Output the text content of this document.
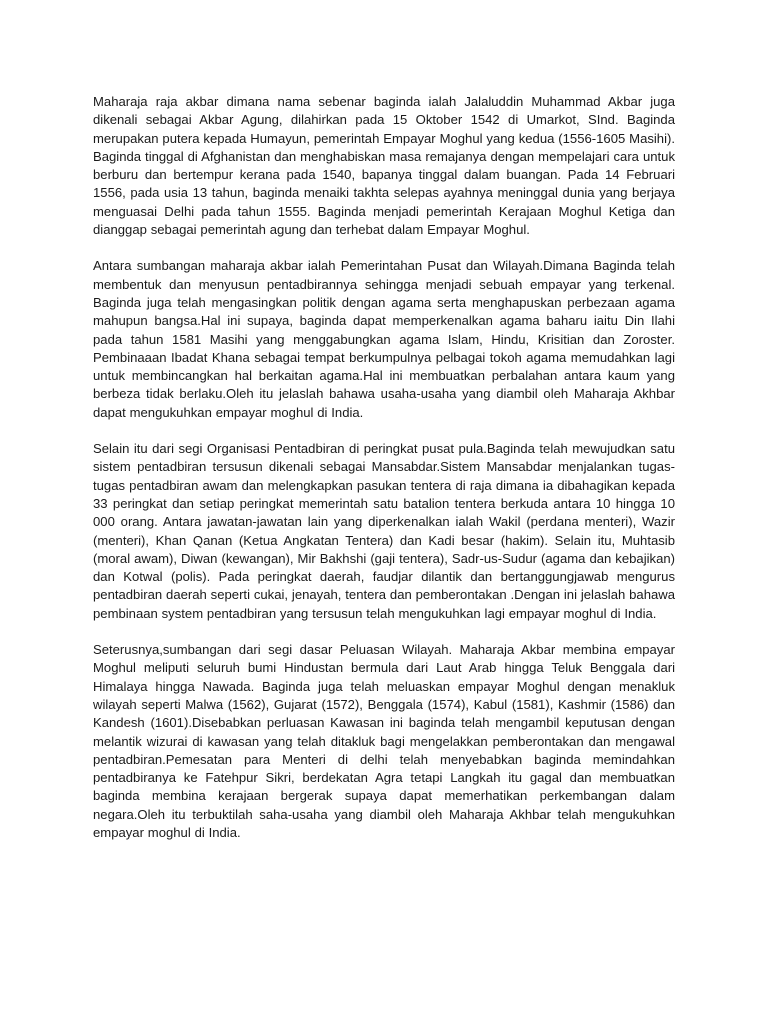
Maharaja raja akbar dimana nama sebenar baginda ialah Jalaluddin Muhammad Akbar juga dikenali sebagai Akbar Agung, dilahirkan pada 15 Oktober 1542 di Umarkot, SInd. Baginda merupakan putera kepada Humayun, pemerintah Empayar Moghul yang kedua (1556-1605 Masihi). Baginda tinggal di Afghanistan dan menghabiskan masa remajanya dengan mempelajari cara untuk berburu dan bertempur kerana pada 1540, bapanya tinggal dalam buangan. Pada 14 Februari 1556, pada usia 13 tahun, baginda menaiki takhta selepas ayahnya meninggal dunia yang berjaya menguasai Delhi pada tahun 1555. Baginda menjadi pemerintah Kerajaan Moghul Ketiga dan dianggap sebagai pemerintah agung dan terhebat dalam Empayar Moghul.

Antara sumbangan maharaja akbar ialah Pemerintahan Pusat dan Wilayah.Dimana Baginda telah membentuk dan menyusun pentadbirannya sehingga menjadi sebuah empayar yang terkenal. Baginda juga telah mengasingkan politik dengan agama serta menghapuskan perbezaan agama mahupun bangsa.Hal ini supaya, baginda dapat memperkenalkan agama baharu iaitu Din Ilahi pada tahun 1581 Masihi yang menggabungkan agama Islam, Hindu, Krisitian dan Zoroster. Pembinaaan Ibadat Khana sebagai tempat berkumpulnya pelbagai tokoh agama memudahkan lagi untuk membincangkan hal berkaitan agama.Hal ini membuatkan perbalahan antara kaum yang berbeza tidak berlaku.Oleh itu jelaslah bahawa usaha-usaha yang diambil oleh Maharaja Akhbar dapat mengukuhkan empayar moghul di India.

Selain itu dari segi Organisasi Pentadbiran di peringkat pusat pula.Baginda telah mewujudkan satu sistem pentadbiran tersusun dikenali sebagai Mansabdar.Sistem Mansabdar menjalankan tugas-tugas pentadbiran awam dan melengkapkan pasukan tentera di raja dimana ia dibahagikan kepada 33 peringkat dan setiap peringkat memerintah satu batalion tentera berkuda antara 10 hingga 10 000 orang. Antara jawatan-jawatan lain yang diperkenalkan ialah Wakil (perdana menteri), Wazir (menteri), Khan Qanan (Ketua Angkatan Tentera) dan Kadi besar (hakim). Selain itu, Muhtasib (moral awam), Diwan (kewangan), Mir Bakhshi (gaji tentera), Sadr-us-Sudur (agama dan kebajikan) dan Kotwal (polis). Pada peringkat daerah, faudjar dilantik dan bertanggungjawab mengurus pentadbiran daerah seperti cukai, jenayah, tentera dan pemberontakan .Dengan ini jelaslah bahawa pembinaan system pentadbiran yang tersusun telah mengukuhkan lagi empayar moghul di India.

Seterusnya,sumbangan dari segi dasar Peluasan Wilayah. Maharaja Akbar membina empayar Moghul meliputi seluruh bumi Hindustan bermula dari Laut Arab hingga Teluk Benggala dari Himalaya hingga Nawada. Baginda juga telah meluaskan empayar Moghul dengan menakluk wilayah seperti Malwa (1562), Gujarat (1572), Benggala (1574), Kabul (1581), Kashmir (1586) dan Kandesh (1601).Disebabkan perluasan Kawasan ini baginda telah mengambil keputusan dengan melantik wizurai di kawasan yang telah ditakluk bagi mengelakkan pemberontakan dan mengawal pentadbiran.Pemesatan para Menteri di delhi telah menyebabkan baginda memindahkan pentadbiranya ke Fatehpur Sikri, berdekatan Agra tetapi Langkah itu gagal dan membuatkan baginda membina kerajaan bergerak supaya dapat memerhatikan perkembangan dalam negara.Oleh itu terbuktilah saha-usaha yang diambil oleh Maharaja Akhbar telah mengukuhkan empayar moghul di India.
